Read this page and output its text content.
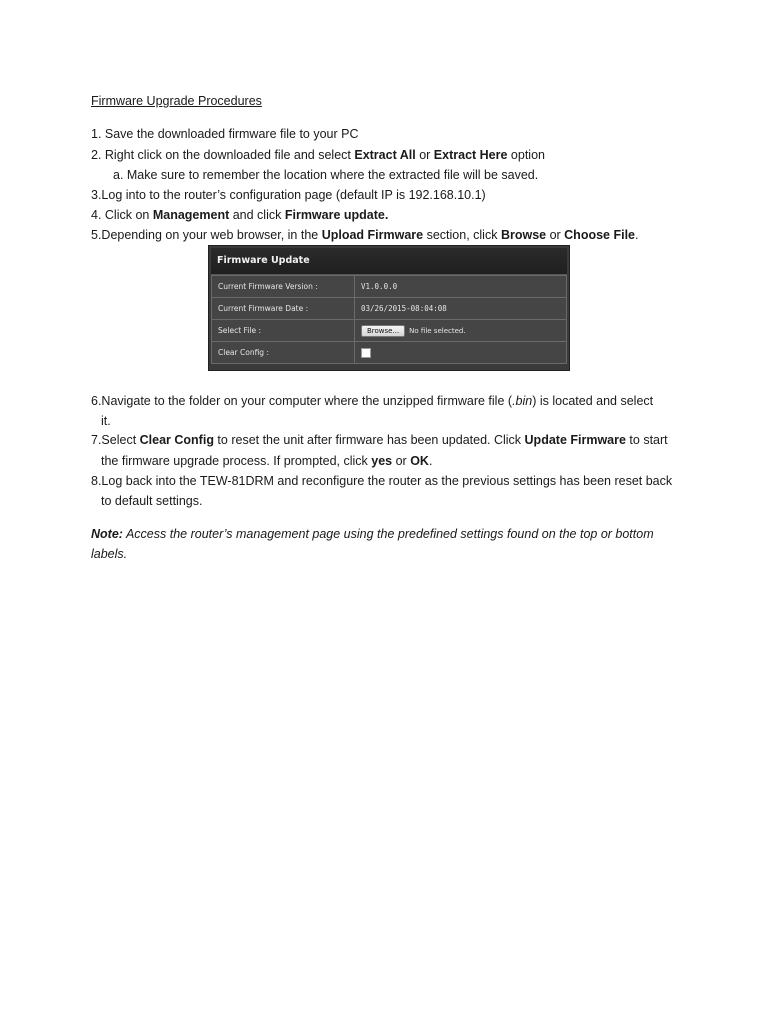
Firmware Upgrade Procedures

1. Save the downloaded firmware file to your PC

2. Right click on the downloaded file and select Extract All or Extract Here option

a. Make sure to remember the location where the extracted file will be saved.

3.Log into to the router’s configuration page (default IP is 192.168.10.1)

4. Click on Management and click Firmware update.

5.Depending on your web browser, in the Upload Firmware section, click Browse or Choose File.

Firmware Update
Current Firmware Version :	V1.0.0.0
Current Firmware Date :	03/26/2015-08:04:08
Select File :	Browse... No file selected.
Clear Config :	

6.Navigate to the folder on your computer where the unzipped firmware file (.bin) is located and select

it.

7.Select Clear Config to reset the unit after firmware has been updated. Click Update Firmware to start

the firmware upgrade process. If prompted, click yes or OK.

8.Log back into the TEW-81DRM and reconfigure the router as the previous settings has been reset back

to default settings.

Note: Access the router’s management page using the predefined settings found on the top or bottom

labels.
